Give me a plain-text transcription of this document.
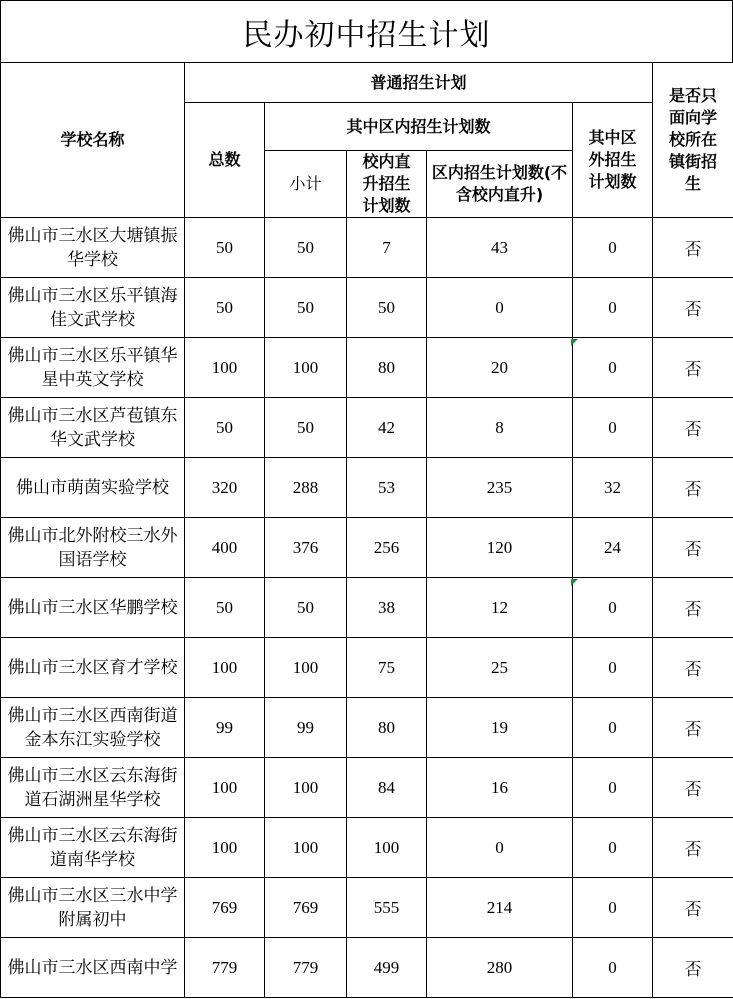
民办初中招生计划
学校名称	普通招生计划					是否只面向学校所在镇街招生
	总数	其中区内招生计划数			其中区外招生计划数	
		小计	校内直升招生计划数	区内招生计划数(不含校内直升)		
佛山市三水区大塘镇振华学校	50	50	7	43	0	否
佛山市三水区乐平镇海佳文武学校	50	50	50	0	0	否
佛山市三水区乐平镇华星中英文学校	100	100	80	20	0	否
佛山市三水区芦苞镇东华文武学校	50	50	42	8	0	否
佛山市萌茵实验学校	320	288	53	235	32	否
佛山市北外附校三水外国语学校	400	376	256	120	24	否
佛山市三水区华鹏学校	50	50	38	12	0	否
佛山市三水区育才学校	100	100	75	25	0	否
佛山市三水区西南街道金本东江实验学校	99	99	80	19	0	否
佛山市三水区云东海街道石湖洲星华学校	100	100	84	16	0	否
佛山市三水区云东海街道南华学校	100	100	100	0	0	否
佛山市三水区三水中学附属初中	769	769	555	214	0	否
佛山市三水区西南中学	779	779	499	280	0	否
